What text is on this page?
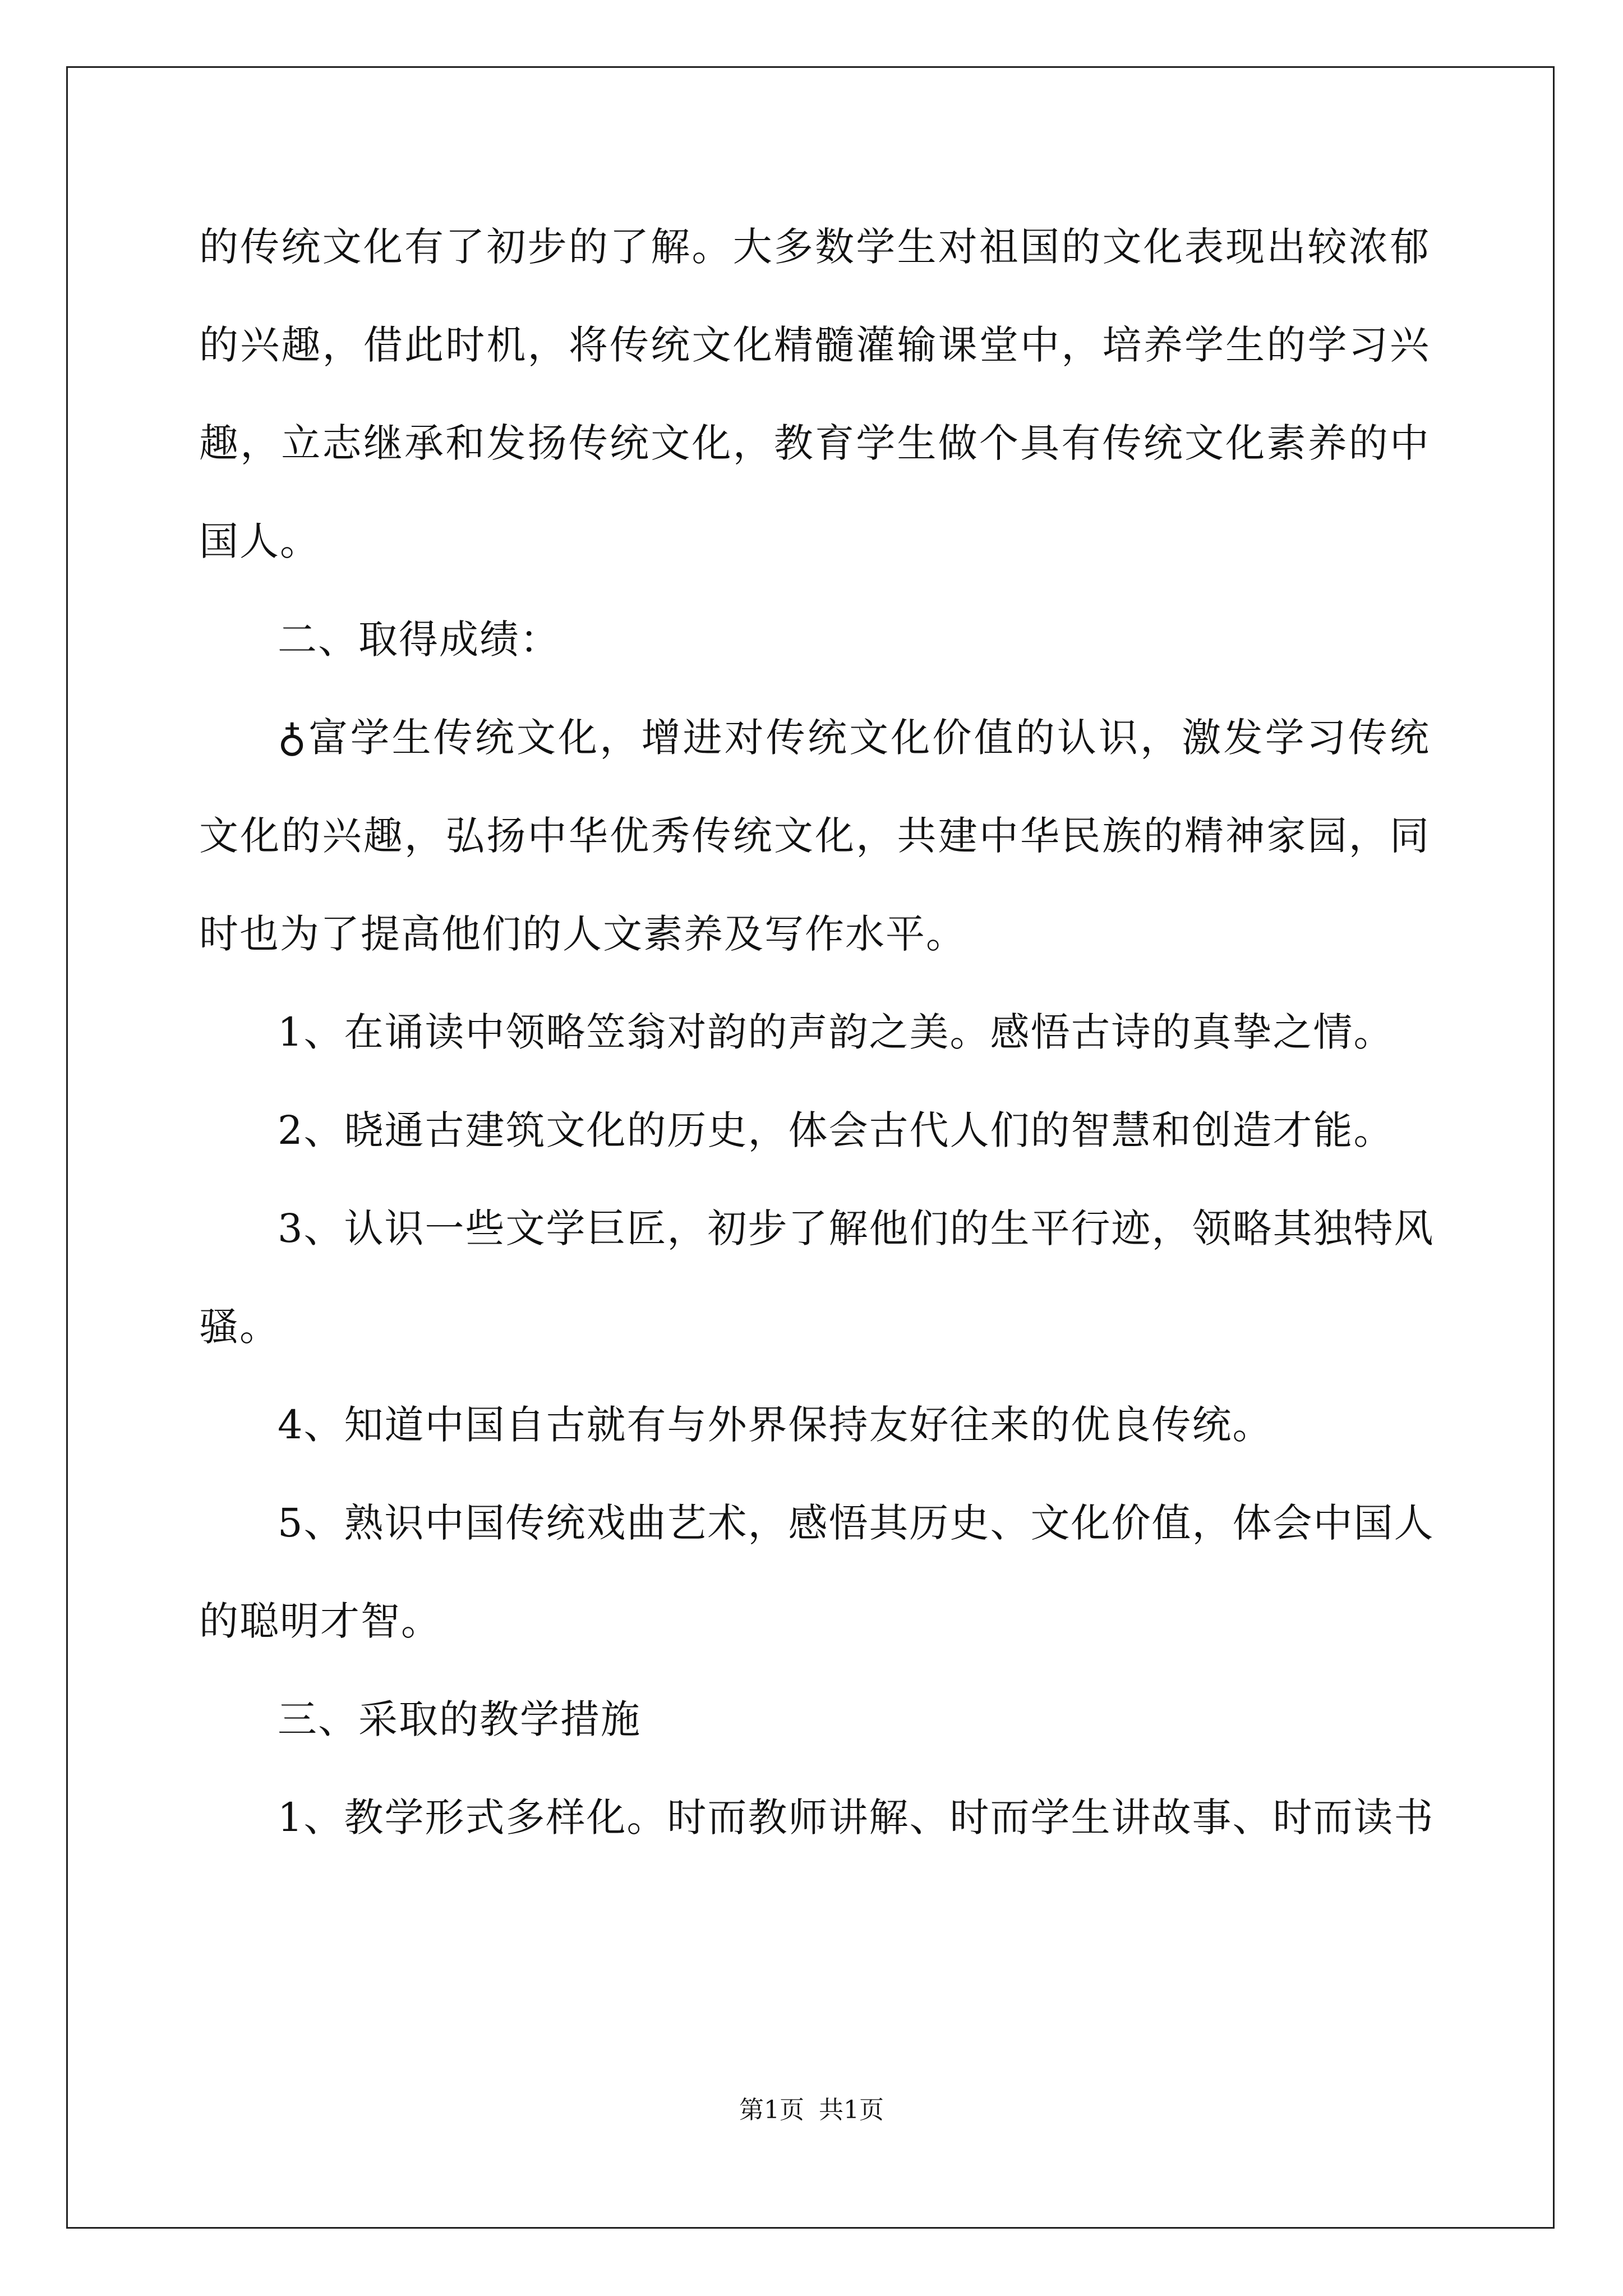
的传统文化有了初步的了解。大多数学生对祖国的文化表现出较浓郁
的兴趣，借此时机，将传统文化精髓灌输课堂中，培养学生的学习兴
趣，立志继承和发扬传统文化，教育学生做个具有传统文化素养的中
国人。
二、取得成绩：
♁富学生传统文化，增进对传统文化价值的认识，激发学习传统
文化的兴趣，弘扬中华优秀传统文化，共建中华民族的精神家园，同
时也为了提高他们的人文素养及写作水平。
1、在诵读中领略笠翁对韵的声韵之美。感悟古诗的真挚之情。
2、晓通古建筑文化的历史，体会古代人们的智慧和创造才能。
3、认识一些文学巨匠，初步了解他们的生平行迹，领略其独特风
骚。
4、知道中国自古就有与外界保持友好往来的优良传统。
5、熟识中国传统戏曲艺术，感悟其历史、文化价值，体会中国人
的聪明才智。
三、采取的教学措施
1、教学形式多样化。时而教师讲解、时而学生讲故事、时而读书
第1页 共1页
